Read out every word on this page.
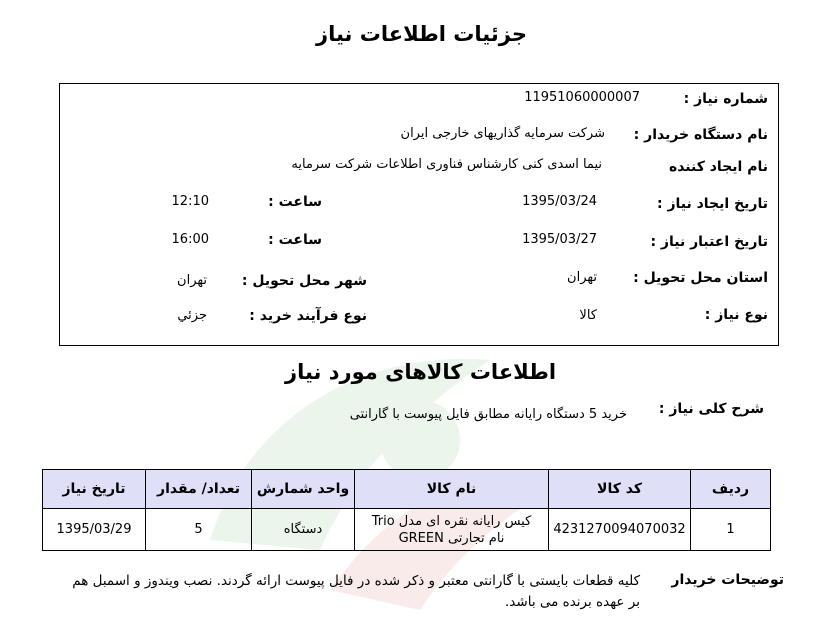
جزئیات اطلاعات نیاز
شماره نیاز :
11951060000007
نام دستگاه خریدار :
شرکت سرمایه گذاریهای خارجی ایران
نام ایجاد کننده
نیما اسدی کنی کارشناس فناوری اطلاعات شرکت سرمایه
تاریخ ایجاد نیاز :
1395/03/24
ساعت :
12:10
تاریخ اعتبار نیاز :
1395/03/27
ساعت :
16:00
استان محل تحویل :
تهران
شهر محل تحویل :
تهران
نوع نیاز :
کالا
نوع فرآیند خرید :
جزئي
اطلاعات کالاهای مورد نیاز
شرح کلی نیاز :
خرید 5 دستگاه رایانه مطابق فایل پیوست با گارانتی
ردیف	کد کالا	نام کالا	واحد شمارش	تعداد/ مقدار	تاریخ نیاز
1	4231270094070032	کیس رایانه نقره ای مدل Trio
نام تجارتی GREEN	دستگاه	5	1395/03/29
توضیحات خریدار
کلیه قطعات بایستی با گارانتی معتبر و ذکر شده در فایل پیوست ارائه گردند. نصب ویندوز و اسمبل هم بر عهده برنده می باشد.
